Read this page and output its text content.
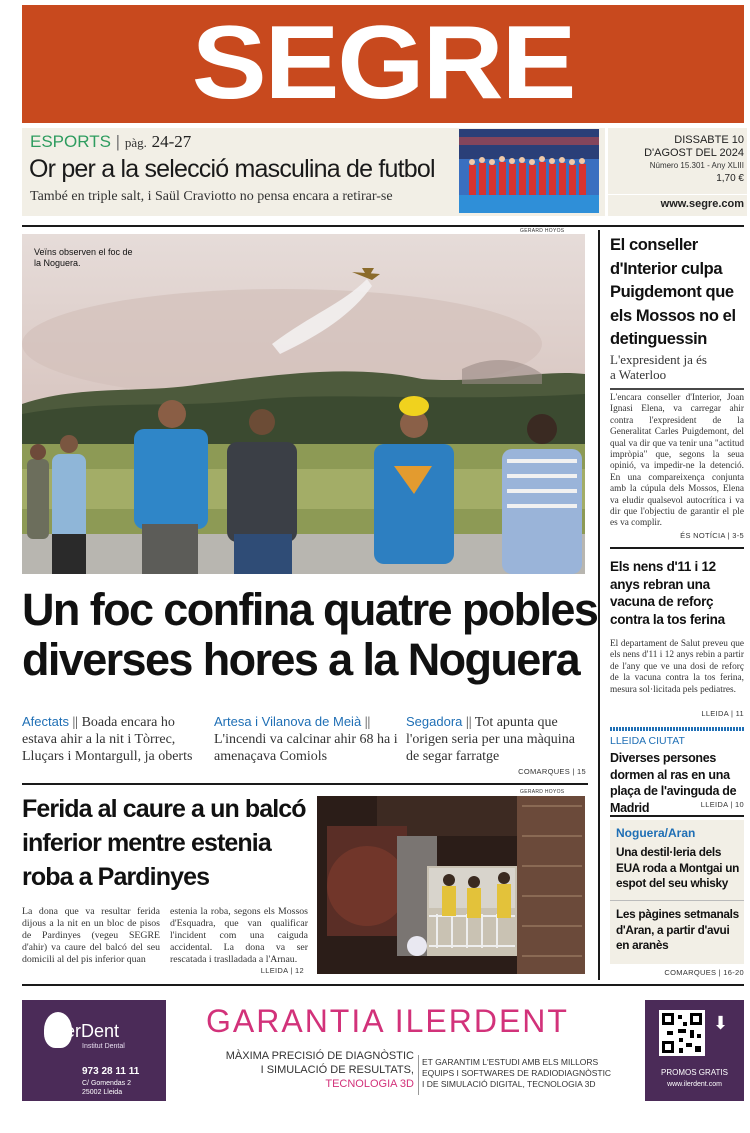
SEGRE
ESPORTS | pàg. 24-27
Or per a la selecció masculina de futbol
També en triple salt, i Saül Craviotto no pensa encara a retirar-se
DISSABTE 10
D'AGOST DEL 2024
Número 15.301 - Any XLIII
1,70 €
www.segre.com
Veïns observen el foc de la Noguera.
GERARD HOYOS
Un foc confina quatre pobles
diverses hores a la Noguera
Afectats || Boada encara ho estava ahir a la nit i Tòrrec, Lluçars i Montargull, ja oberts
Artesa i Vilanova de Meià || L'incendi va calcinar ahir 68 ha i amenaçava Comiols
Segadora || Tot apunta que l'origen seria per una màquina de segar farratge
COMARQUES | 15
Ferida al caure a un balcó inferior mentre estenia roba a Pardinyes
La dona que va resultar ferida dijous a la nit en un bloc de pisos de Pardinyes (vegeu SEGRE d'ahir) va caure del balcó del seu domicili al del pis inferior quan
estenia la roba, segons els Mossos d'Esquadra, que van qualificar l'incident com una caiguda accidental. La dona va ser rescatada i traslladada a l'Arnau.
LLEIDA | 12
GERARD HOYOS
El conseller d'Interior culpa Puigdemont que els Mossos no el detinguessin
L'expresident ja és a Waterloo
L'encara conseller d'Interior, Joan Ignasi Elena, va carregar ahir contra l'expresident de la Generalitat Carles Puigdemont, del qual va dir que va tenir una "actitud impròpia" que, segons la seua opinió, va impedir-ne la detenció. En una compareixença conjunta amb la cúpula dels Mossos, Elena va eludir qualsevol autocrítica i va dir que l'objectiu de garantir el ple es va complir.
ÉS NOTÍCIA | 3-5
Els nens d'11 i 12 anys rebran una vacuna de reforç contra la tos ferina
El departament de Salut preveu que els nens d'11 i 12 anys rebin a partir de l'any que ve una dosi de reforç de la vacuna contra la tos ferina, mesura sol·licitada pels pediatres.
LLEIDA | 11
LLEIDA CIUTAT
Diverses persones dormen al ras en una plaça de l'avinguda de Madrid	LLEIDA | 10
Noguera/Aran
Una destil·leria dels EUA roda a Montgai un espot del seu whisky
Les pàgines setmanals d'Aran, a partir d'avui en aranès
COMARQUES | 16-20
ILerDent
Institut Dental
973 28 11 11
C/ Gomendas 2
25002 Lleida
GARANTIA ILERDENT
MÀXIMA PRECISIÓ DE DIAGNÒSTIC
I SIMULACIÓ DE RESULTATS,
TECNOLOGIA 3D
ET GARANTIM L'ESTUDI AMB ELS MILLORS
EQUIPS I SOFTWARES DE RADIODIAGNÒSTIC
I DE SIMULACIÓ DIGITAL, TECNOLOGIA 3D
⬇
PROMOS GRATIS
www.ilerdent.com
